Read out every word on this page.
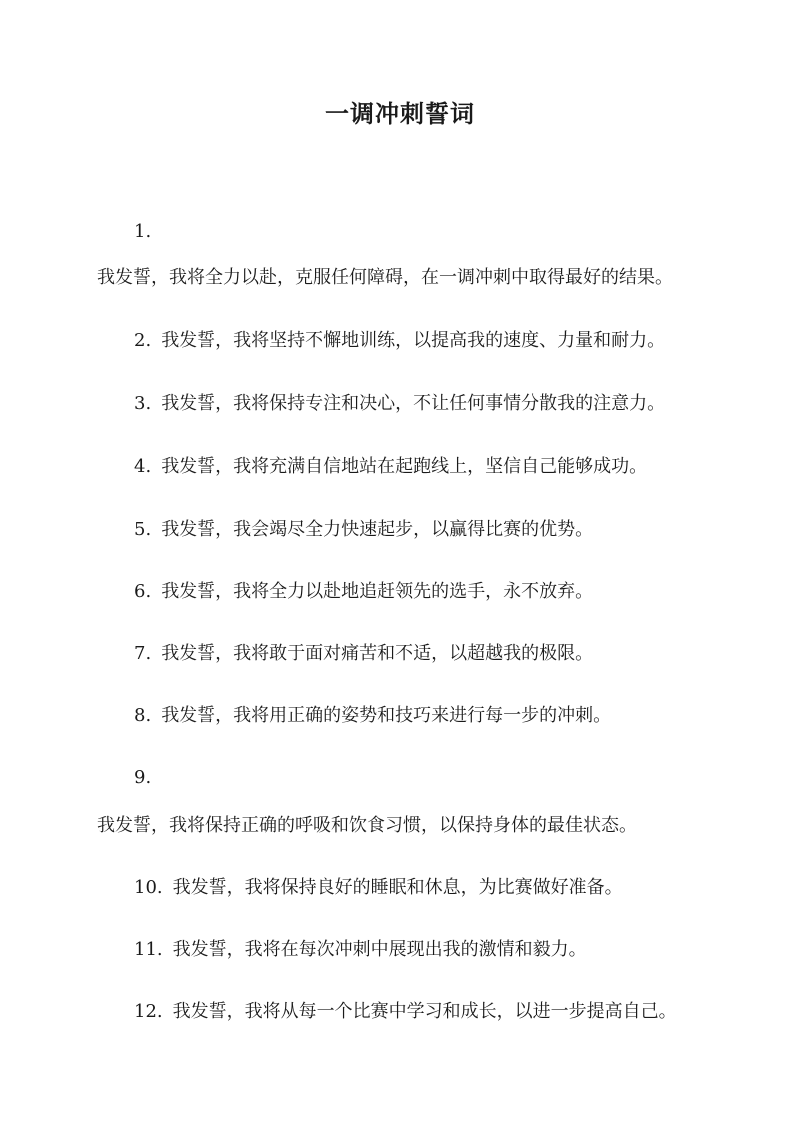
一调冲刺誓词

1.

我发誓，我将全力以赴，克服任何障碍，在一调冲刺中取得最好的结果。

2. 我发誓，我将坚持不懈地训练，以提高我的速度、力量和耐力。

3. 我发誓，我将保持专注和决心，不让任何事情分散我的注意力。

4. 我发誓，我将充满自信地站在起跑线上，坚信自己能够成功。

5. 我发誓，我会竭尽全力快速起步，以赢得比赛的优势。

6. 我发誓，我将全力以赴地追赶领先的选手，永不放弃。

7. 我发誓，我将敢于面对痛苦和不适，以超越我的极限。

8. 我发誓，我将用正确的姿势和技巧来进行每一步的冲刺。

9.

我发誓，我将保持正确的呼吸和饮食习惯，以保持身体的最佳状态。

10. 我发誓，我将保持良好的睡眠和休息，为比赛做好准备。

11. 我发誓，我将在每次冲刺中展现出我的激情和毅力。

12. 我发誓，我将从每一个比赛中学习和成长，以进一步提高自己。
